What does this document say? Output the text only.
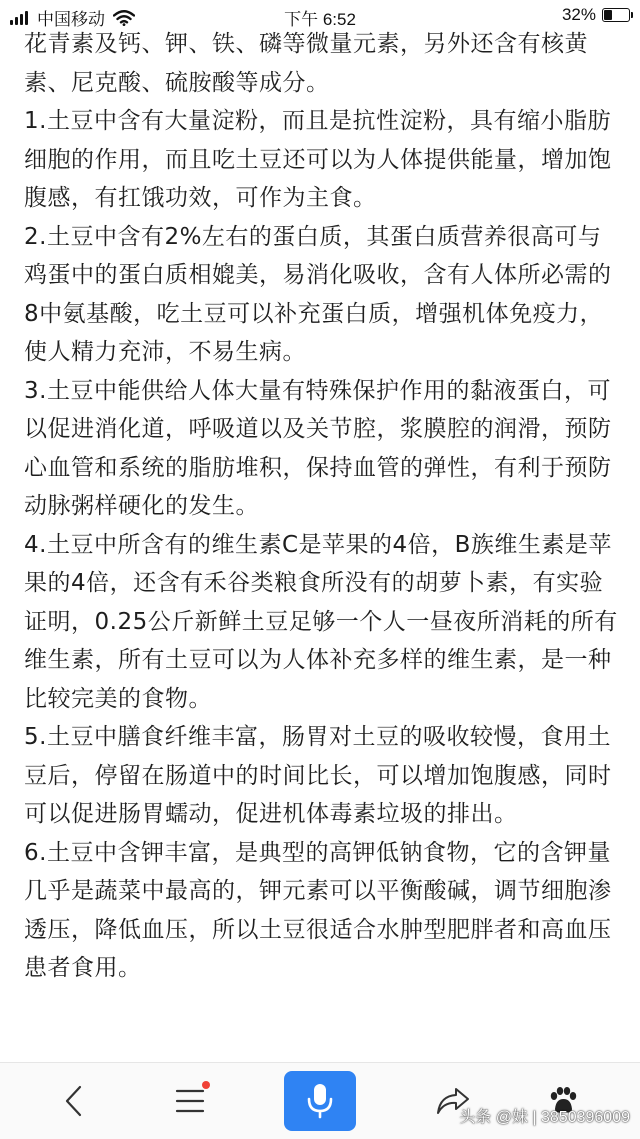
中国移动	下午 6:52	32%

花青素及钙、钾、铁、磷等微量元素，另外还含有核黄素、尼克酸、硫胺酸等成分。

1.土豆中含有大量淀粉，而且是抗性淀粉，具有缩小脂肪细胞的作用，而且吃土豆还可以为人体提供能量，增加饱腹感，有扛饿功效，可作为主食。

2.土豆中含有2%左右的蛋白质，其蛋白质营养很高可与鸡蛋中的蛋白质相媲美，易消化吸收，含有人体所必需的8中氨基酸，吃土豆可以补充蛋白质，增强机体免疫力，使人精力充沛，不易生病。

3.土豆中能供给人体大量有特殊保护作用的黏液蛋白，可以促进消化道，呼吸道以及关节腔，浆膜腔的润滑，预防心血管和系统的脂肪堆积，保持血管的弹性，有利于预防动脉粥样硬化的发生。

4.土豆中所含有的维生素C是苹果的4倍，B族维生素是苹果的4倍，还含有禾谷类粮食所没有的胡萝卜素，有实验证明，0.25公斤新鲜土豆足够一个人一昼夜所消耗的所有维生素，所有土豆可以为人体补充多样的维生素，是一种比较完美的食物。

5.土豆中膳食纤维丰富，肠胃对土豆的吸收较慢，食用土豆后，停留在肠道中的时间比长，可以增加饱腹感，同时可以促进肠胃蠕动，促进机体毒素垃圾的排出。

6.土豆中含钾丰富，是典型的高钾低钠食物，它的含钾量几乎是蔬菜中最高的，钾元素可以平衡酸碱，调节细胞渗透压，降低血压，所以土豆很适合水肿型肥胖者和高血压患者食用。

头条 @妹 | 3850396009
